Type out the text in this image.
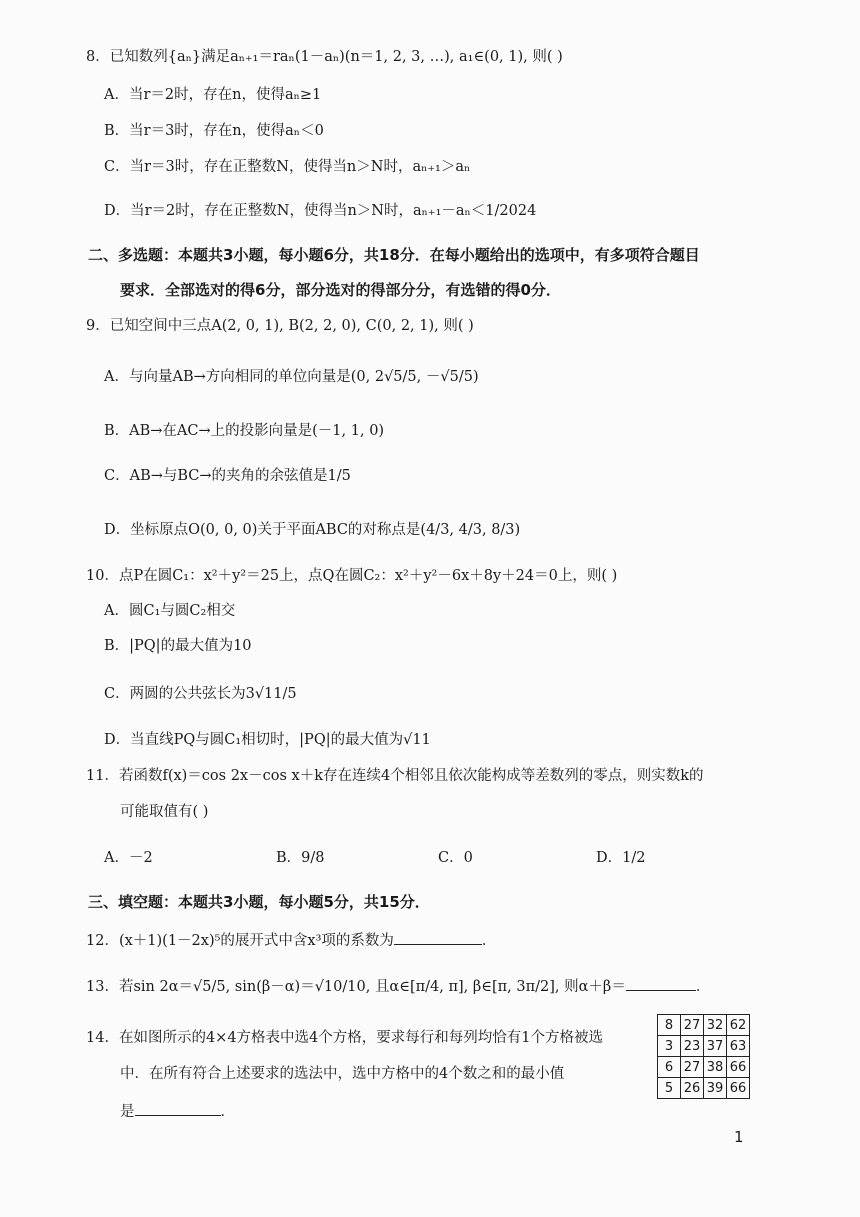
8．已知数列{aₙ}满足aₙ₊₁＝raₙ(1－aₙ)(n＝1, 2, 3, …), a₁∈(0, 1), 则( )
A．当r＝2时，存在n，使得aₙ≥1
B．当r＝3时，存在n，使得aₙ＜0
C．当r＝3时，存在正整数N，使得当n＞N时，aₙ₊₁＞aₙ
D．当r＝2时，存在正整数N，使得当n＞N时，aₙ₊₁－aₙ＜1/2024
二、多选题：本题共3小题，每小题6分，共18分．在每小题给出的选项中，有多项符合题目
要求．全部选对的得6分，部分选对的得部分分，有选错的得0分．
9．已知空间中三点A(2, 0, 1), B(2, 2, 0), C(0, 2, 1), 则( )
A．与向量AB→方向相同的单位向量是(0, 2√5/5, －√5/5)
B．AB→在AC→上的投影向量是(－1, 1, 0)
C．AB→与BC→的夹角的余弦值是1/5
D．坐标原点O(0, 0, 0)关于平面ABC的对称点是(4/3, 4/3, 8/3)
10．点P在圆C₁：x²＋y²＝25上，点Q在圆C₂：x²＋y²－6x＋8y＋24＝0上，则( )
A．圆C₁与圆C₂相交
B．|PQ|的最大值为10
C．两圆的公共弦长为3√11/5
D．当直线PQ与圆C₁相切时，|PQ|的最大值为√11
11．若函数f(x)＝cos 2x－cos x＋k存在连续4个相邻且依次能构成等差数列的零点，则实数k的
可能取值有( )
A．－2	B．9/8	C．0	D．1/2
三、填空题：本题共3小题，每小题5分，共15分．
12．(x＋1)(1－2x)⁵的展开式中含x³项的系数为	．
13．若sin 2α＝√5/5, sin(β－α)＝√10/10, 且α∈[π/4, π], β∈[π, 3π/2], 则α＋β＝	．
14．在如图所示的4×4方格表中选4个方格，要求每行和每列均恰有1个方格被选
中．在所有符合上述要求的选法中，选中方格中的4个数之和的最小值
是	．
8	27	32	62
3	23	37	63
6	27	38	66
5	26	39	66
1
